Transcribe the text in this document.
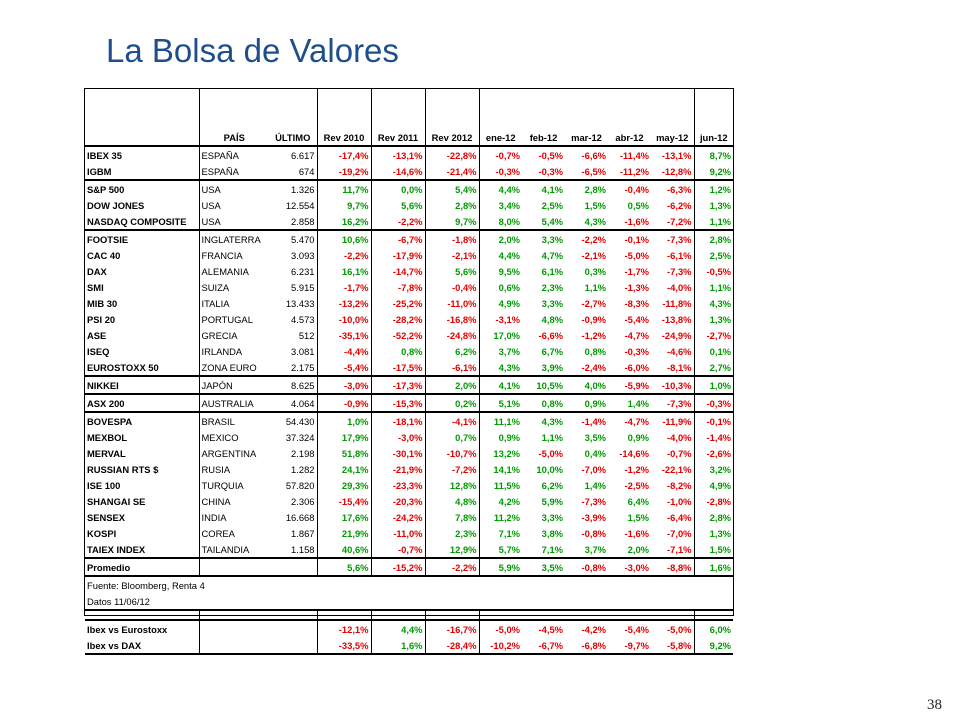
La Bolsa de Valores

	PAÍS	ÚLTIMO	Rev 2010	Rev 2011	Rev 2012	ene-12	feb-12	mar-12	abr-12	may-12	jun-12
IBEX 35	ESPAÑA	6.617	-17,4%	-13,1%	-22,8%	-0,7%	-0,5%	-6,6%	-11,4%	-13,1%	8,7%
IGBM	ESPAÑA	674	-19,2%	-14,6%	-21,4%	-0,3%	-0,3%	-6,5%	-11,2%	-12,8%	9,2%
S&P 500	USA	1.326	11,7%	0,0%	5,4%	4,4%	4,1%	2,8%	-0,4%	-6,3%	1,2%
DOW JONES	USA	12.554	9,7%	5,6%	2,8%	3,4%	2,5%	1,5%	0,5%	-6,2%	1,3%
NASDAQ COMPOSITE	USA	2.858	16,2%	-2,2%	9,7%	8,0%	5,4%	4,3%	-1,6%	-7,2%	1,1%
FOOTSIE	INGLATERRA	5.470	10,6%	-6,7%	-1,8%	2,0%	3,3%	-2,2%	-0,1%	-7,3%	2,8%
CAC 40	FRANCIA	3.093	-2,2%	-17,9%	-2,1%	4,4%	4,7%	-2,1%	-5,0%	-6,1%	2,5%
DAX	ALEMANIA	6.231	16,1%	-14,7%	5,6%	9,5%	6,1%	0,3%	-1,7%	-7,3%	-0,5%
SMI	SUIZA	5.915	-1,7%	-7,8%	-0,4%	0,6%	2,3%	1,1%	-1,3%	-4,0%	1,1%
MIB 30	ITALIA	13.433	-13,2%	-25,2%	-11,0%	4,9%	3,3%	-2,7%	-8,3%	-11,8%	4,3%
PSI 20	PORTUGAL	4.573	-10,0%	-28,2%	-16,8%	-3,1%	4,8%	-0,9%	-5,4%	-13,8%	1,3%
ASE	GRECIA	512	-35,1%	-52,2%	-24,8%	17,0%	-6,6%	-1,2%	-4,7%	-24,9%	-2,7%
ISEQ	IRLANDA	3.081	-4,4%	0,8%	6,2%	3,7%	6,7%	0,8%	-0,3%	-4,6%	0,1%
EUROSTOXX 50	ZONA EURO	2.175	-5,4%	-17,5%	-6,1%	4,3%	3,9%	-2,4%	-6,0%	-8,1%	2,7%
NIKKEI	JAPÓN	8.625	-3,0%	-17,3%	2,0%	4,1%	10,5%	4,0%	-5,9%	-10,3%	1,0%
ASX 200	AUSTRALIA	4.064	-0,9%	-15,3%	0,2%	5,1%	0,8%	0,9%	1,4%	-7,3%	-0,3%
BOVESPA	BRASIL	54.430	1,0%	-18,1%	-4,1%	11,1%	4,3%	-1,4%	-4,7%	-11,9%	-0,1%
MEXBOL	MEXICO	37.324	17,9%	-3,0%	0,7%	0,9%	1,1%	3,5%	0,9%	-4,0%	-1,4%
MERVAL	ARGENTINA	2.198	51,8%	-30,1%	-10,7%	13,2%	-5,0%	0,4%	-14,6%	-0,7%	-2,6%
RUSSIAN RTS $	RUSIA	1.282	24,1%	-21,9%	-7,2%	14,1%	10,0%	-7,0%	-1,2%	-22,1%	3,2%
ISE 100	TURQUIA	57.820	29,3%	-23,3%	12,8%	11,5%	6,2%	1,4%	-2,5%	-8,2%	4,9%
SHANGAI SE	CHINA	2.306	-15,4%	-20,3%	4,8%	4,2%	5,9%	-7,3%	6,4%	-1,0%	-2,8%
SENSEX	INDIA	16.668	17,6%	-24,2%	7,8%	11,2%	3,3%	-3,9%	1,5%	-6,4%	2,8%
KOSPI	COREA	1.867	21,9%	-11,0%	2,3%	7,1%	3,8%	-0,8%	-1,6%	-7,0%	1,3%
TAIEX INDEX	TAILANDIA	1.158	40,6%	-0,7%	12,9%	5,7%	7,1%	3,7%	2,0%	-7,1%	1,5%
Promedio			5,6%	-15,2%	-2,2%	5,9%	3,5%	-0,8%	-3,0%	-8,8%	1,6%
Fuente: Bloomberg, Renta 4											
Datos 11/06/12											

Ibex vs Eurostoxx			-12,1%	4,4%	-16,7%	-5,0%	-4,5%	-4,2%	-5,4%	-5,0%	6,0%
Ibex vs DAX			-33,5%	1,6%	-28,4%	-10,2%	-6,7%	-6,8%	-9,7%	-5,8%	9,2%
38
